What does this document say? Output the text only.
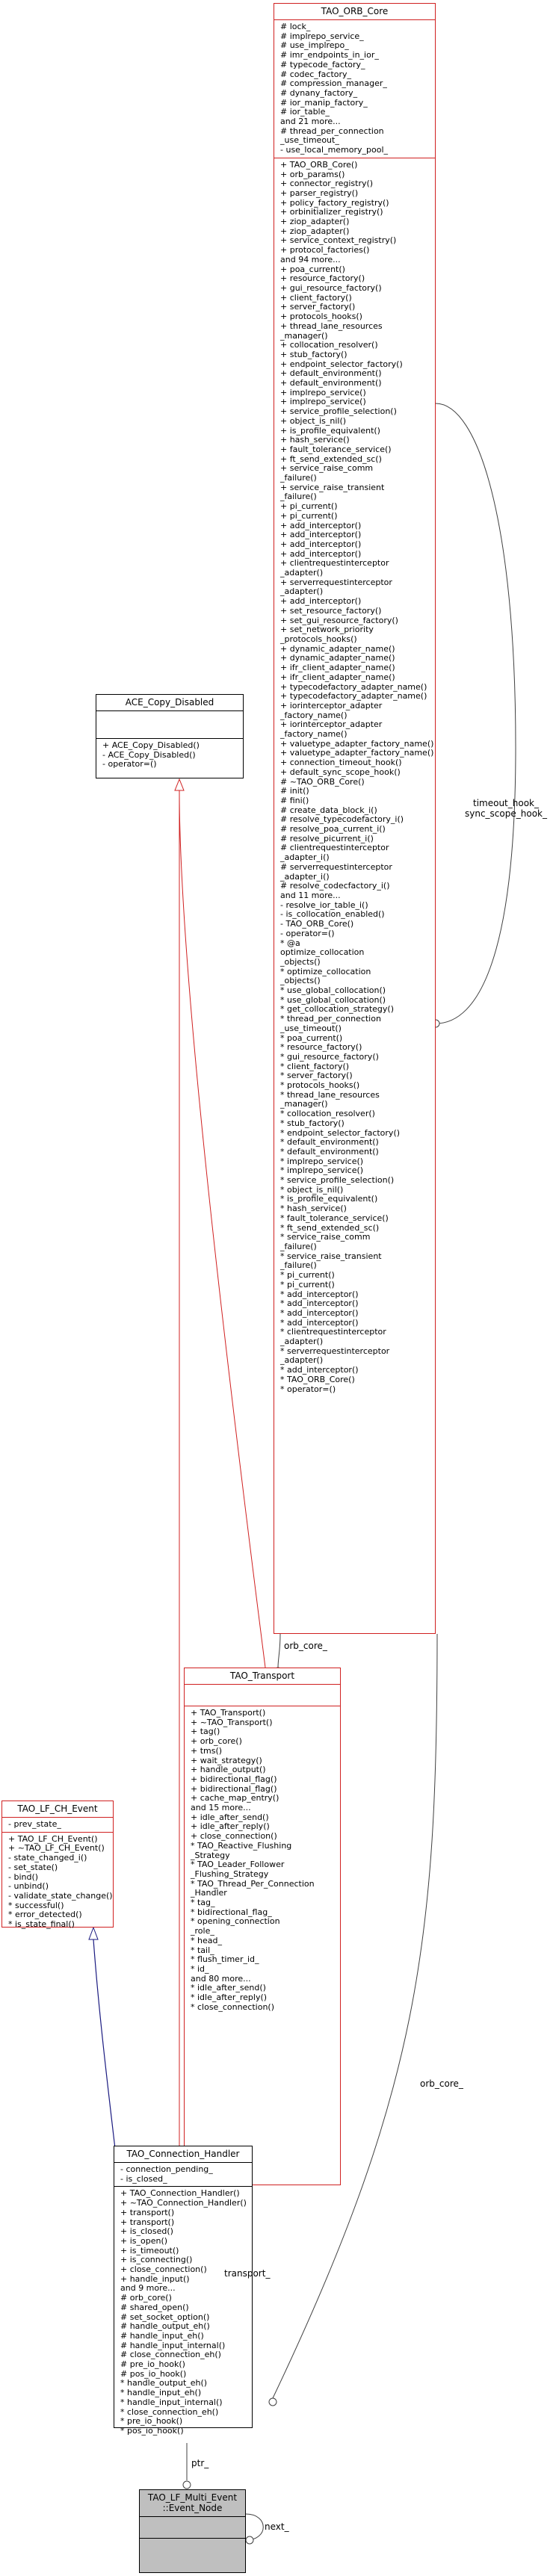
TAO_ORB_Core
# lock_
# implrepo_service_
# use_implrepo_
# imr_endpoints_in_ior_
# typecode_factory_
# codec_factory_
# compression_manager_
# dynany_factory_
# ior_manip_factory_
# ior_table_
and 21 more...
# thread_per_connection
_use_timeout_
- use_local_memory_pool_
+ TAO_ORB_Core()
+ orb_params()
+ connector_registry()
+ parser_registry()
+ policy_factory_registry()
+ orbinitializer_registry()
+ ziop_adapter()
+ ziop_adapter()
+ service_context_registry()
+ protocol_factories()
and 94 more...
+ poa_current()
+ resource_factory()
+ gui_resource_factory()
+ client_factory()
+ server_factory()
+ protocols_hooks()
+ thread_lane_resources
_manager()
+ collocation_resolver()
+ stub_factory()
+ endpoint_selector_factory()
+ default_environment()
+ default_environment()
+ implrepo_service()
+ implrepo_service()
+ service_profile_selection()
+ object_is_nil()
+ is_profile_equivalent()
+ hash_service()
+ fault_tolerance_service()
+ ft_send_extended_sc()
+ service_raise_comm
_failure()
+ service_raise_transient
_failure()
+ pi_current()
+ pi_current()
+ add_interceptor()
+ add_interceptor()
+ add_interceptor()
+ add_interceptor()
+ clientrequestinterceptor
_adapter()
+ serverrequestinterceptor
_adapter()
+ add_interceptor()
+ set_resource_factory()
+ set_gui_resource_factory()
+ set_network_priority
_protocols_hooks()
+ dynamic_adapter_name()
+ dynamic_adapter_name()
+ ifr_client_adapter_name()
+ ifr_client_adapter_name()
+ typecodefactory_adapter_name()
+ typecodefactory_adapter_name()
+ iorinterceptor_adapter
_factory_name()
+ iorinterceptor_adapter
_factory_name()
+ valuetype_adapter_factory_name()
+ valuetype_adapter_factory_name()
+ connection_timeout_hook()
+ default_sync_scope_hook()
# ~TAO_ORB_Core()
# init()
# fini()
# create_data_block_i()
# resolve_typecodefactory_i()
# resolve_poa_current_i()
# resolve_picurrent_i()
# clientrequestinterceptor
_adapter_i()
# serverrequestinterceptor
_adapter_i()
# resolve_codecfactory_i()
and 11 more...
- resolve_ior_table_i()
- is_collocation_enabled()
- TAO_ORB_Core()
- operator=()
* @a
optimize_collocation
_objects()
* optimize_collocation
_objects()
* use_global_collocation()
* use_global_collocation()
* get_collocation_strategy()
* thread_per_connection
_use_timeout()
* poa_current()
* resource_factory()
* gui_resource_factory()
* client_factory()
* server_factory()
* protocols_hooks()
* thread_lane_resources
_manager()
* collocation_resolver()
* stub_factory()
* endpoint_selector_factory()
* default_environment()
* default_environment()
* implrepo_service()
* implrepo_service()
* service_profile_selection()
* object_is_nil()
* is_profile_equivalent()
* hash_service()
* fault_tolerance_service()
* ft_send_extended_sc()
* service_raise_comm
_failure()
* service_raise_transient
_failure()
* pi_current()
* pi_current()
* add_interceptor()
* add_interceptor()
* add_interceptor()
* add_interceptor()
* clientrequestinterceptor
_adapter()
* serverrequestinterceptor
_adapter()
* add_interceptor()
* TAO_ORB_Core()
* operator=()
ACE_Copy_Disabled
+ ACE_Copy_Disabled()
- ACE_Copy_Disabled()
- operator=()
TAO_Transport
+ TAO_Transport()
+ ~TAO_Transport()
+ tag()
+ orb_core()
+ tms()
+ wait_strategy()
+ handle_output()
+ bidirectional_flag()
+ bidirectional_flag()
+ cache_map_entry()
and 15 more...
+ idle_after_send()
+ idle_after_reply()
+ close_connection()
* TAO_Reactive_Flushing
_Strategy
* TAO_Leader_Follower
_Flushing_Strategy
* TAO_Thread_Per_Connection
_Handler
* tag_
* bidirectional_flag_
* opening_connection
_role_
* head_
* tail_
* flush_timer_id_
* id_
and 80 more...
* idle_after_send()
* idle_after_reply()
* close_connection()
TAO_LF_CH_Event
- prev_state_
+ TAO_LF_CH_Event()
+ ~TAO_LF_CH_Event()
- state_changed_i()
- set_state()
- bind()
- unbind()
- validate_state_change()
* successful()
* error_detected()
* is_state_final()
TAO_Connection_Handler
- connection_pending_
- is_closed_
+ TAO_Connection_Handler()
+ ~TAO_Connection_Handler()
+ transport()
+ transport()
+ is_closed()
+ is_open()
+ is_timeout()
+ is_connecting()
+ close_connection()
+ handle_input()
and 9 more...
# orb_core()
# shared_open()
# set_socket_option()
# handle_output_eh()
# handle_input_eh()
# handle_input_internal()
# close_connection_eh()
# pre_io_hook()
# pos_io_hook()
* handle_output_eh()
* handle_input_eh()
* handle_input_internal()
* close_connection_eh()
* pre_io_hook()
* pos_io_hook()
TAO_LF_Multi_Event
::Event_Node
timeout_hook_
sync_scope_hook_
orb_core_
orb_core_
transport_
ptr_
next_
